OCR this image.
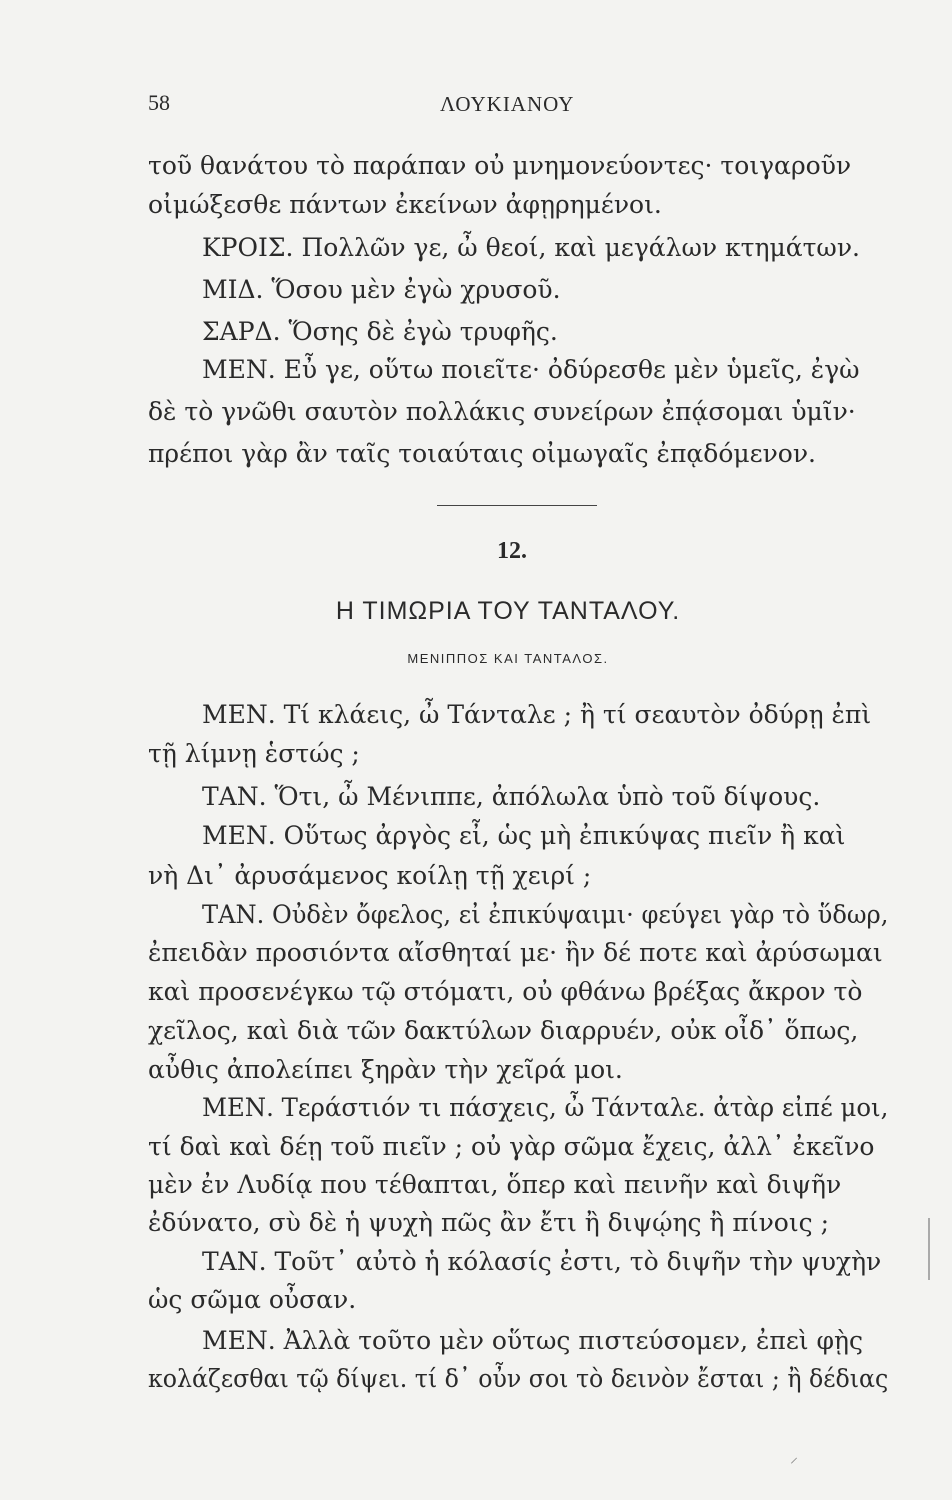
58	ΛΟΥΚΙΑΝΟΥ
τοῦ θανάτου τὸ παράπαν οὐ μνημονεύοντες· τοιγαροῦν
οἰμώξεσθε πάντων ἐκείνων ἀφῃρημένοι.
ΚΡΟΙΣ. Πολλῶν γε, ὦ θεοί, καὶ μεγάλων κτημάτων.
ΜΙΔ. Ὅσου μὲν ἐγὼ χρυσοῦ.
ΣΑΡΔ. Ὅσης δὲ ἐγὼ τρυφῆς.
ΜΕΝ. Εὖ γε, οὕτω ποιεῖτε· ὀδύρεσθε μὲν ὑμεῖς, ἐγὼ
δὲ τὸ γνῶθι σαυτὸν πολλάκις συνείρων ἐπᾴσομαι ὑμῖν·
πρέποι γὰρ ἂν ταῖς τοιαύταις οἰμωγαῖς ἐπᾳδόμενον.
12.
Η ΤΙΜΩΡΙΑ ΤΟΥ ΤΑΝΤΑΛΟΥ.
ΜΕΝΙΠΠΟΣ ΚΑΙ ΤΑΝΤΑΛΟΣ.
ΜΕΝ. Τί κλάεις, ὦ Τάνταλε ; ἢ τί σεαυτὸν ὀδύρῃ ἐπὶ
τῇ λίμνῃ ἑστώς ;
ΤΑΝ. Ὅτι, ὦ Μένιππε, ἀπόλωλα ὑπὸ τοῦ δίψους.
ΜΕΝ. Οὕτως ἀργὸς εἶ, ὡς μὴ ἐπικύψας πιεῖν ἢ καὶ
νὴ Δι᾽ ἀρυσάμενος κοίλῃ τῇ χειρί ;
ΤΑΝ. Οὐδὲν ὄφελος, εἰ ἐπικύψαιμι· φεύγει γὰρ τὸ ὕδωρ,
ἐπειδὰν προσιόντα αἴσθηταί με· ἢν δέ ποτε καὶ ἀρύσωμαι
καὶ προσενέγκω τῷ στόματι, οὐ φθάνω βρέξας ἄκρον τὸ
χεῖλος, καὶ διὰ τῶν δακτύλων διαρρυέν, οὐκ οἶδ᾽ ὅπως,
αὖθις ἀπολείπει ξηρὰν τὴν χεῖρά μοι.
ΜΕΝ. Τεράστιόν τι πάσχεις, ὦ Τάνταλε. ἀτὰρ εἰπέ μοι,
τί δαὶ καὶ δέῃ τοῦ πιεῖν ; οὐ γὰρ σῶμα ἔχεις, ἀλλ᾽ ἐκεῖνο
μὲν ἐν Λυδίᾳ που τέθαπται, ὅπερ καὶ πεινῆν καὶ διψῆν
ἐδύνατο, σὺ δὲ ἡ ψυχὴ πῶς ἂν ἔτι ἢ διψῴης ἢ πίνοις ;
ΤΑΝ. Τοῦτ᾽ αὐτὸ ἡ κόλασίς ἐστι, τὸ διψῆν τὴν ψυχὴν
ὡς σῶμα οὖσαν.
ΜΕΝ. Ἀλλὰ τοῦτο μὲν οὕτως πιστεύσομεν, ἐπεὶ φῂς
κολάζεσθαι τῷ δίψει. τί δ᾽ οὖν σοι τὸ δεινὸν ἔσται ; ἢ δέδιας
⸍
